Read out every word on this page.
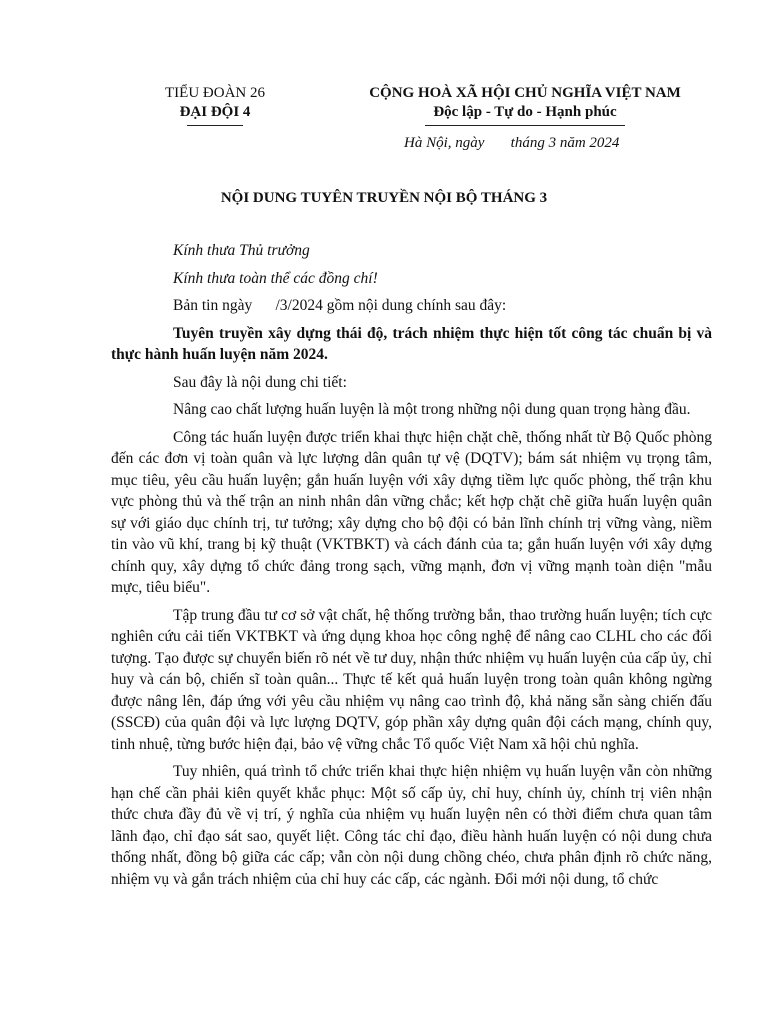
TIỂU ĐOÀN 26
ĐẠI ĐỘI 4
CỘNG HOÀ XÃ HỘI CHỦ NGHĨA VIỆT NAM
Độc lập - Tự do - Hạnh phúc
Hà Nội, ngày       tháng 3 năm 2024
NỘI DUNG TUYÊN TRUYỀN NỘI BỘ THÁNG 3

Kính thưa Thủ trưởng

Kính thưa toàn thể các đồng chí!

Bản tin ngày      /3/2024 gồm nội dung chính sau đây:

Tuyên truyền xây dựng thái độ, trách nhiệm thực hiện tốt công tác chuẩn bị và thực hành huấn luyện năm 2024.

Sau đây là nội dung chi tiết:

Nâng cao chất lượng huấn luyện là một trong những nội dung quan trọng hàng đầu.

Công tác huấn luyện được triển khai thực hiện chặt chẽ, thống nhất từ Bộ Quốc phòng đến các đơn vị toàn quân và lực lượng dân quân tự vệ (DQTV); bám sát nhiệm vụ trọng tâm, mục tiêu, yêu cầu huấn luyện; gắn huấn luyện với xây dựng tiềm lực quốc phòng, thế trận khu vực phòng thủ và thế trận an ninh nhân dân vững chắc; kết hợp chặt chẽ giữa huấn luyện quân sự với giáo dục chính trị, tư tưởng; xây dựng cho bộ đội có bản lĩnh chính trị vững vàng, niềm tin vào vũ khí, trang bị kỹ thuật (VKTBKT) và cách đánh của ta; gắn huấn luyện với xây dựng chính quy, xây dựng tổ chức đảng trong sạch, vững mạnh, đơn vị vững mạnh toàn diện "mẫu mực, tiêu biểu".

Tập trung đầu tư cơ sở vật chất, hệ thống trường bắn, thao trường huấn luyện; tích cực nghiên cứu cải tiến VKTBKT và ứng dụng khoa học công nghệ để nâng cao CLHL cho các đối tượng. Tạo được sự chuyển biến rõ nét về tư duy, nhận thức nhiệm vụ huấn luyện của cấp ủy, chỉ huy và cán bộ, chiến sĩ toàn quân... Thực tế kết quả huấn luyện trong toàn quân không ngừng được nâng lên, đáp ứng với yêu cầu nhiệm vụ nâng cao trình độ, khả năng sẵn sàng chiến đấu (SSCĐ) của quân đội và lực lượng DQTV, góp phần xây dựng quân đội cách mạng, chính quy, tinh nhuệ, từng bước hiện đại, bảo vệ vững chắc Tổ quốc Việt Nam xã hội chủ nghĩa.

Tuy nhiên, quá trình tổ chức triển khai thực hiện nhiệm vụ huấn luyện vẫn còn những hạn chế cần phải kiên quyết khắc phục: Một số cấp ủy, chỉ huy, chính ủy, chính trị viên nhận thức chưa đầy đủ về vị trí, ý nghĩa của nhiệm vụ huấn luyện nên có thời điểm chưa quan tâm lãnh đạo, chỉ đạo sát sao, quyết liệt. Công tác chỉ đạo, điều hành huấn luyện có nội dung chưa thống nhất, đồng bộ giữa các cấp; vẫn còn nội dung chồng chéo, chưa phân định rõ chức năng, nhiệm vụ và gắn trách nhiệm của chỉ huy các cấp, các ngành. Đổi mới nội dung, tổ chức
